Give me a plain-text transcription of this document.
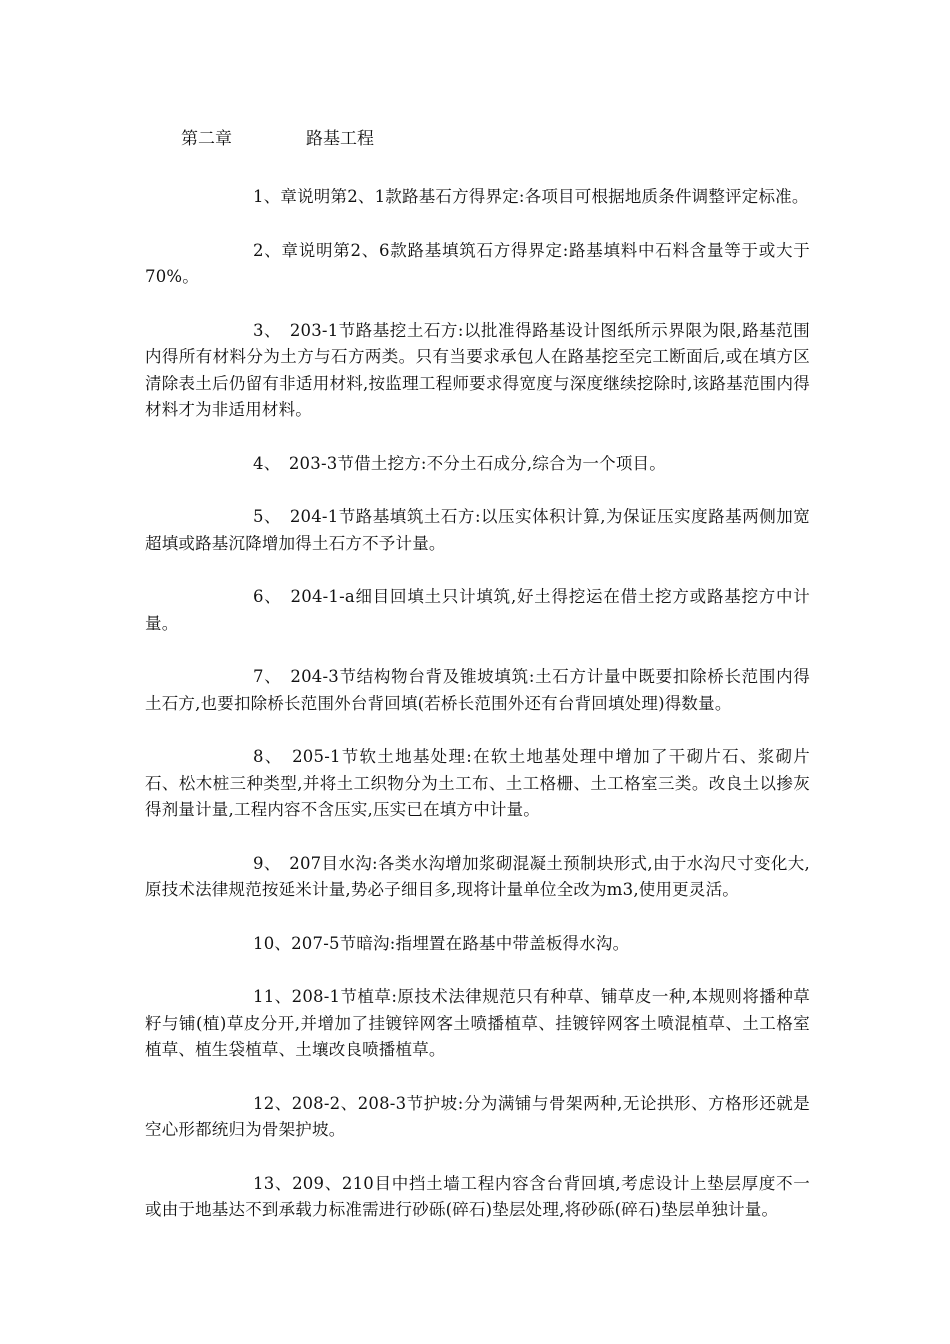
第二章	路基工程

1、章说明第2、1款路基石方得界定:各项目可根据地质条件调整评定标准。

2、章说明第2、6款路基填筑石方得界定:路基填料中石料含量等于或大于70%。

3、　203-1节路基挖土石方:以批准得路基设计图纸所示界限为限,路基范围内得所有材料分为土方与石方两类。只有当要求承包人在路基挖至完工断面后,或在填方区清除表土后仍留有非适用材料,按监理工程师要求得宽度与深度继续挖除时,该路基范围内得材料才为非适用材料。

4、　203-3节借土挖方:不分土石成分,综合为一个项目。

5、　204-1节路基填筑土石方:以压实体积计算,为保证压实度路基两侧加宽超填或路基沉降增加得土石方不予计量。

6、　204-1-a细目回填土只计填筑,好土得挖运在借土挖方或路基挖方中计量。

7、　204-3节结构物台背及锥坡填筑:土石方计量中既要扣除桥长范围内得土石方,也要扣除桥长范围外台背回填(若桥长范围外还有台背回填处理)得数量。

8、　205-1节软土地基处理:在软土地基处理中增加了干砌片石、浆砌片石、松木桩三种类型,并将土工织物分为土工布、土工格栅、土工格室三类。改良土以掺灰得剂量计量,工程内容不含压实,压实已在填方中计量。

9、　207目水沟:各类水沟增加浆砌混凝土预制块形式,由于水沟尺寸变化大,原技术法律规范按延米计量,势必子细目多,现将计量单位全改为m3,使用更灵活。

10、207-5节暗沟:指埋置在路基中带盖板得水沟。

11、208-1节植草:原技术法律规范只有种草、铺草皮一种,本规则将播种草籽与铺(植)草皮分开,并增加了挂镀锌网客土喷播植草、挂镀锌网客土喷混植草、土工格室植草、植生袋植草、土壤改良喷播植草。

12、208-2、208-3节护坡:分为满铺与骨架两种,无论拱形、方格形还就是空心形都统归为骨架护坡。

13、209、210目中挡土墙工程内容含台背回填,考虑设计上垫层厚度不一或由于地基达不到承载力标准需进行砂砾(碎石)垫层处理,将砂砾(碎石)垫层单独计量。
